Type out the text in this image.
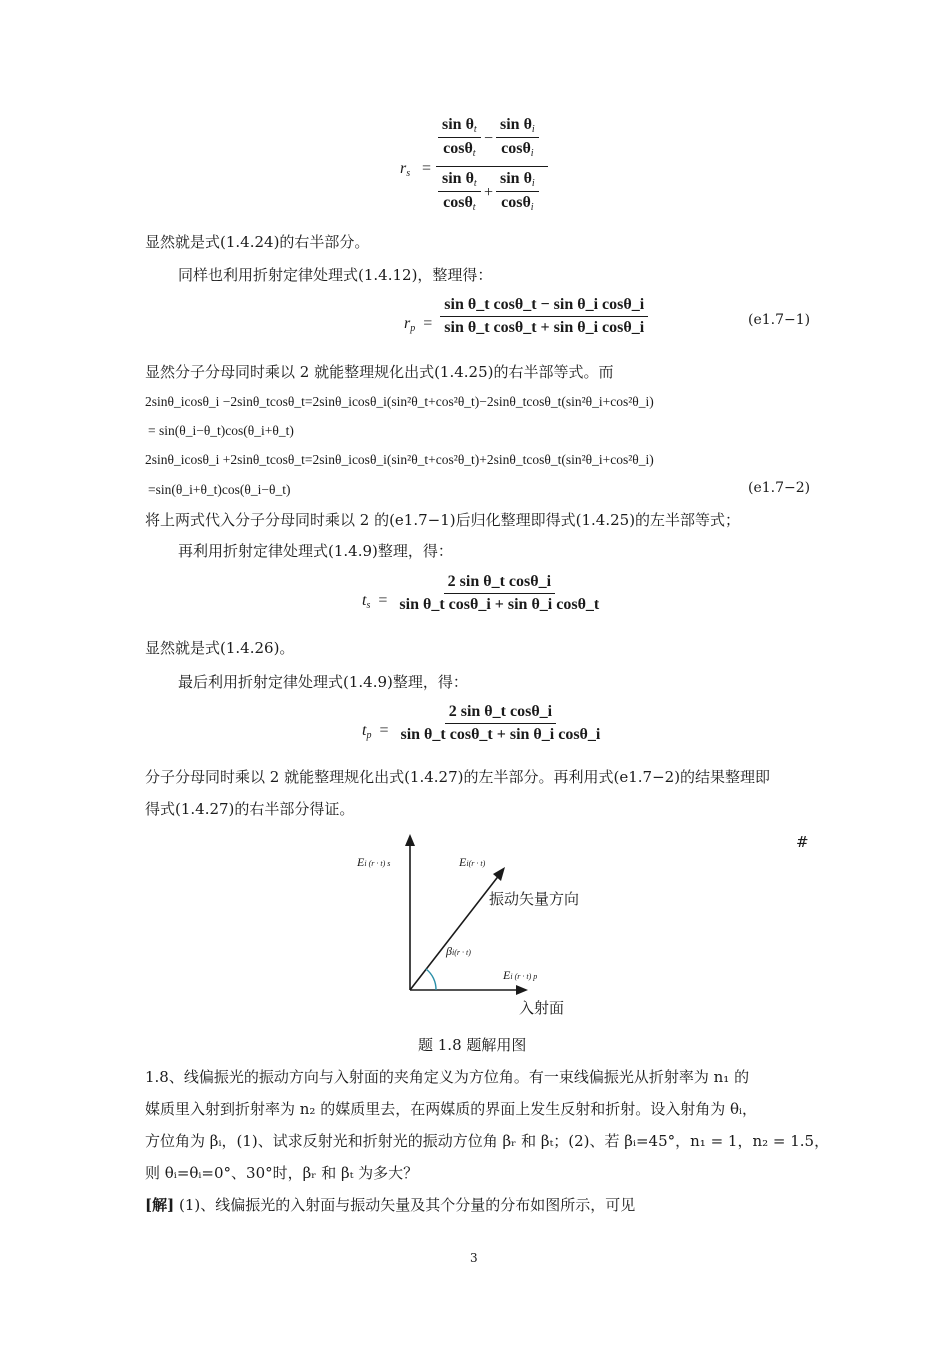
$r_s$ =
$\frac{\sin \theta_t}{\cos\theta_t} - \frac{\sin \theta_i}{\cos\theta_i}$
$\frac{\sin \theta_t}{\cos\theta_t} + \frac{\sin \theta_i}{\cos\theta_i}$
显然就是式(1.4.24)的右半部分。
同样也利用折射定律处理式(1.4.12)，整理得：
$r_p = \frac{\text{sin θ\_t cosθ\_t − sin θ\_i cosθ\_i}}{\text{sin θ\_t cosθ\_t + sin θ\_i cosθ\_i}}$	(e1.7−1)
显然分子分母同时乘以 2 就能整理规化出式(1.4.25)的右半部等式。而
2sinθ_icosθ_i −2sinθ_tcosθ_t=2sinθ_icosθ_i(sin²θ_t+cos²θ_t)−2sinθ_tcosθ_t(sin²θ_i+cos²θ_i)
= sin(θ_i−θ_t)cos(θ_i+θ_t)
2sinθ_icosθ_i +2sinθ_tcosθ_t=2sinθ_icosθ_i(sin²θ_t+cos²θ_t)+2sinθ_tcosθ_t(sin²θ_i+cos²θ_i)
=sin(θ_i+θ_t)cos(θ_i−θ_t)	(e1.7−2)
将上两式代入分子分母同时乘以 2 的(e1.7−1)后归化整理即得式(1.4.25)的左半部等式；
再利用折射定律处理式(1.4.9)整理，得：
$t_s = \frac{\text{2 sin θ\_t cosθ\_i}}{\text{sin θ\_t cosθ\_i + sin θ\_i cosθ\_t}}$
显然就是式(1.4.26)。
最后利用折射定律处理式(1.4.9)整理，得：
$t_p = \frac{\text{2 sin θ\_t cosθ\_i}}{\text{sin θ\_t cosθ\_t + sin θ\_i cosθ\_i}}$
分子分母同时乘以 2 就能整理规化出式(1.4.27)的左半部分。再利用式(e1.7−2)的结果整理即
得式(1.4.27)的右半部分得证。
#
Ei (r · t) s	Ei(r · t)
振动矢量方向
βi(r · t)
Ei (r · t) p
入射面
题 1.8 题解用图
1.8、线偏振光的振动方向与入射面的夹角定义为方位角。有一束线偏振光从折射率为 n₁ 的
媒质里入射到折射率为 n₂ 的媒质里去，在两媒质的界面上发生反射和折射。设入射角为 θᵢ，
方位角为 βᵢ，(1)、试求反射光和折射光的振动方位角 βᵣ 和 βₜ；(2)、若 βᵢ=45°，n₁ = 1，n₂ = 1.5，
则 θᵢ=θᵢ=0°、30°时，βᵣ 和 βₜ 为多大？
[解] (1)、线偏振光的入射面与振动矢量及其个分量的分布如图所示，可见
3
